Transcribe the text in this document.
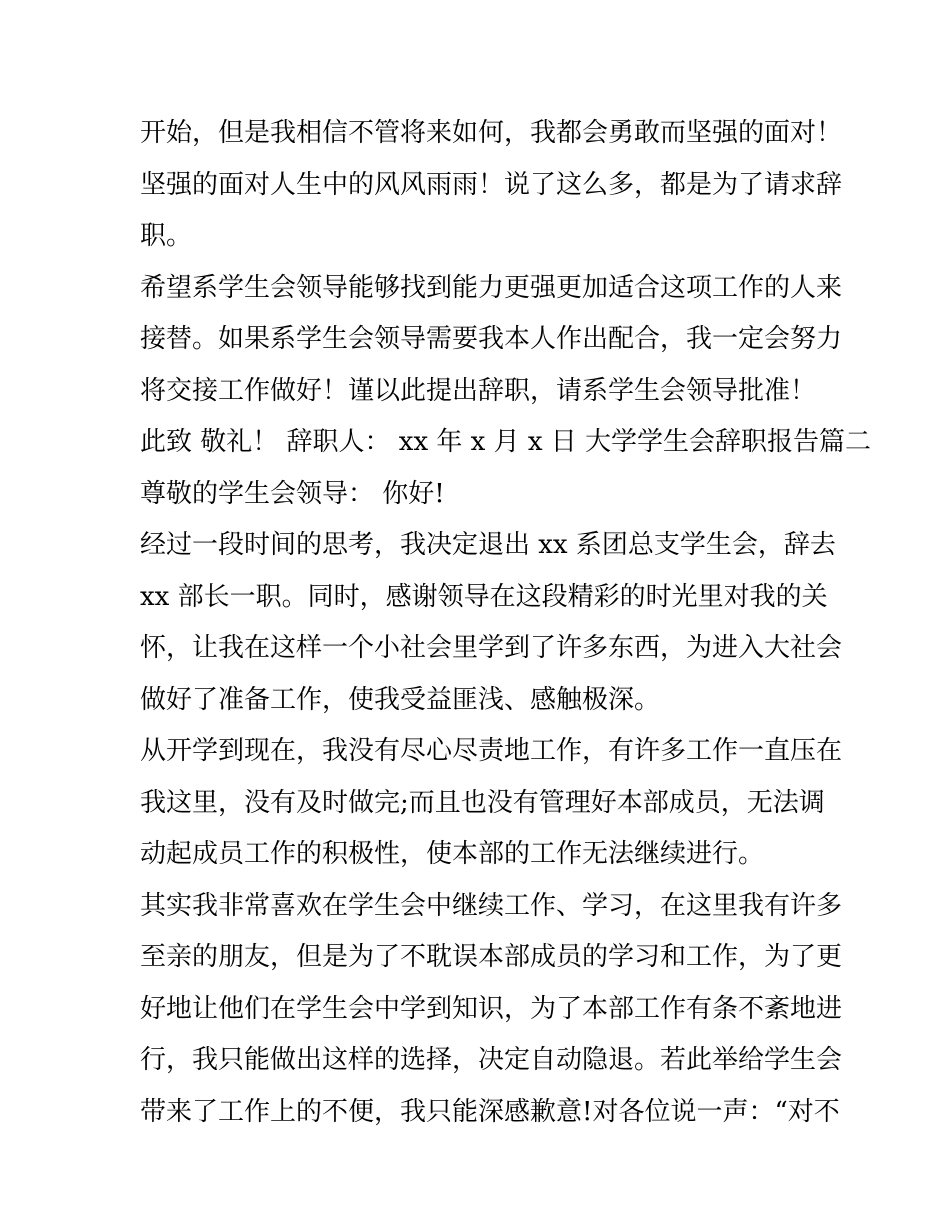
开始，但是我相信不管将来如何，我都会勇敢而坚强的面对！
坚强的面对人生中的风风雨雨！说了这么多，都是为了请求辞
职。
希望系学生会领导能够找到能力更强更加适合这项工作的人来
接替。如果系学生会领导需要我本人作出配合，我一定会努力
将交接工作做好！谨以此提出辞职，请系学生会领导批准！
此致 敬礼！ 辞职人： xx 年 x 月 x 日 大学学生会辞职报告篇二
尊敬的学生会领导： 你好!
经过一段时间的思考，我决定退出 xx 系团总支学生会，辞去
xx 部长一职。同时，感谢领导在这段精彩的时光里对我的关
怀，让我在这样一个小社会里学到了许多东西，为进入大社会
做好了准备工作，使我受益匪浅、感触极深。
从开学到现在，我没有尽心尽责地工作，有许多工作一直压在
我这里，没有及时做完;而且也没有管理好本部成员，无法调
动起成员工作的积极性，使本部的工作无法继续进行。
其实我非常喜欢在学生会中继续工作、学习，在这里我有许多
至亲的朋友，但是为了不耽误本部成员的学习和工作，为了更
好地让他们在学生会中学到知识，为了本部工作有条不紊地进
行，我只能做出这样的选择，决定自动隐退。若此举给学生会
带来了工作上的不便，我只能深感歉意!对各位说一声：“对不
